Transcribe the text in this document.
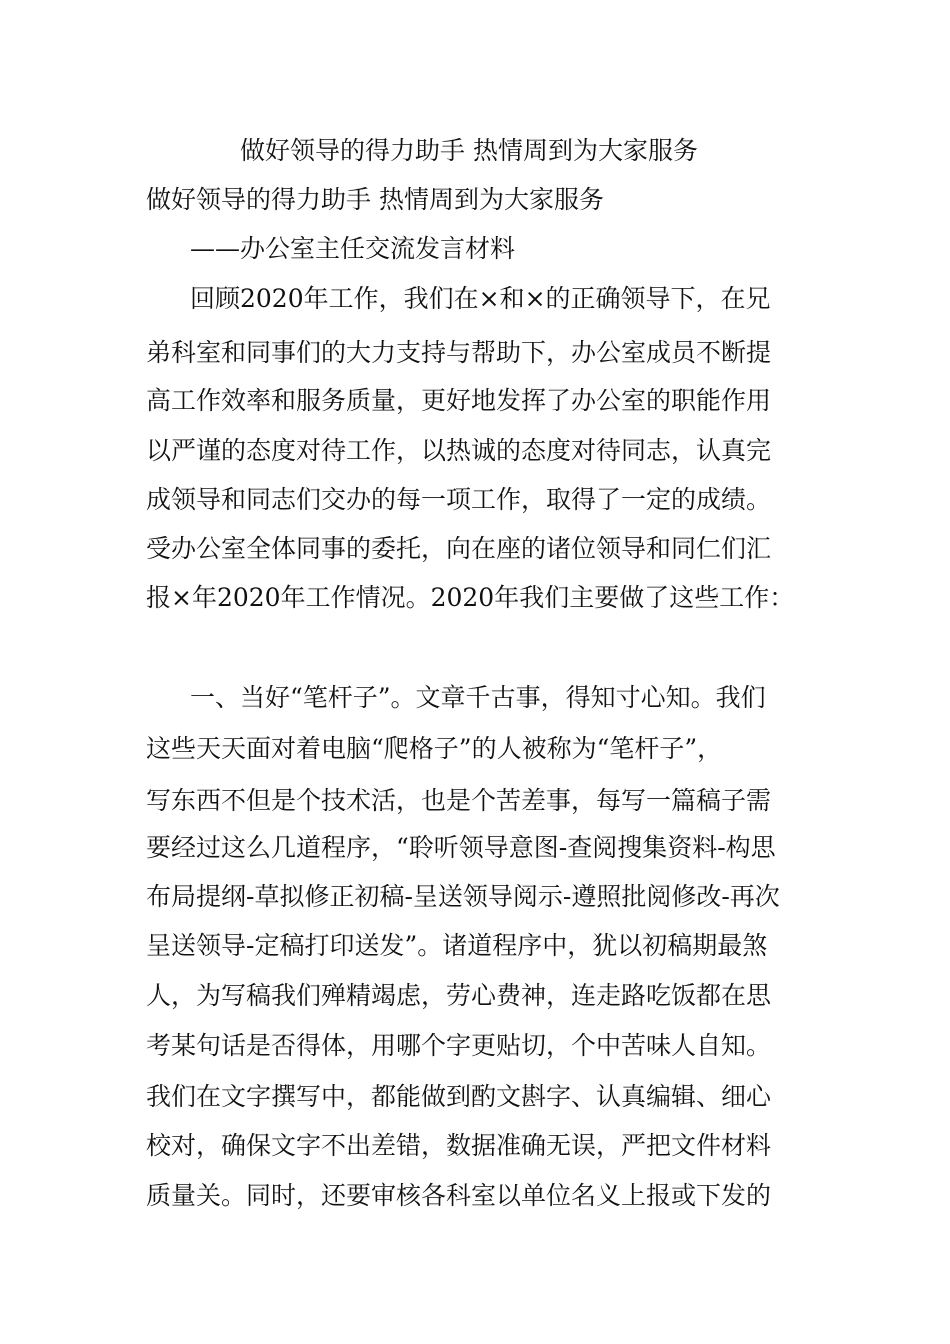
做好领导的得力助手 热情周到为大家服务
做好领导的得力助手 热情周到为大家服务
——办公室主任交流发言材料
回顾2020年工作，我们在×和×的正确领导下，在兄
弟科室和同事们的大力支持与帮助下，办公室成员不断提
高工作效率和服务质量，更好地发挥了办公室的职能作用
以严谨的态度对待工作，以热诚的态度对待同志，认真完
成领导和同志们交办的每一项工作，取得了一定的成绩。
受办公室全体同事的委托，向在座的诸位领导和同仁们汇
报×年2020年工作情况。2020年我们主要做了这些工作：
一、当好“笔杆子”。文章千古事，得知寸心知。我们
这些天天面对着电脑“爬格子”的人被称为“笔杆子”，
写东西不但是个技术活，也是个苦差事，每写一篇稿子需
要经过这么几道程序，“聆听领导意图-查阅搜集资料-构思
布局提纲-草拟修正初稿-呈送领导阅示-遵照批阅修改-再次
呈送领导-定稿打印送发”。诸道程序中，犹以初稿期最煞
人，为写稿我们殚精竭虑，劳心费神，连走路吃饭都在思
考某句话是否得体，用哪个字更贴切，个中苦味人自知。
我们在文字撰写中，都能做到酌文斟字、认真编辑、细心
校对，确保文字不出差错，数据准确无误，严把文件材料
质量关。同时，还要审核各科室以单位名义上报或下发的
